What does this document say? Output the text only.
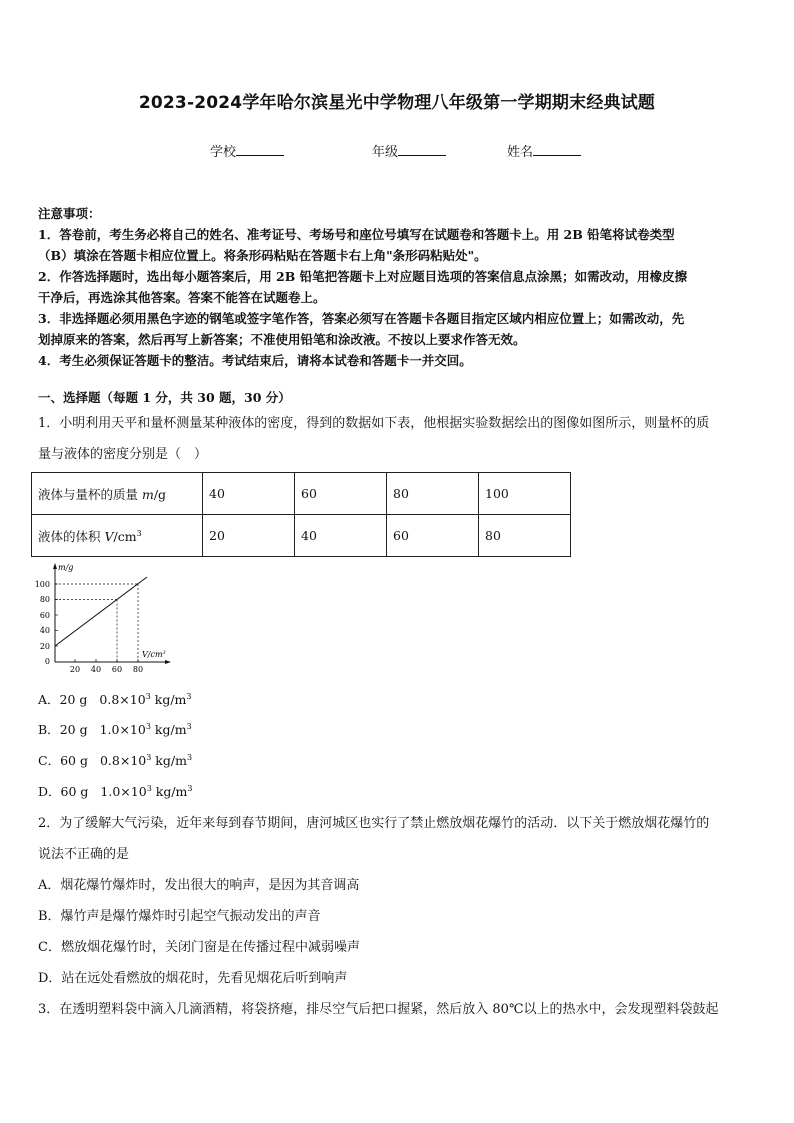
2023-2024学年哈尔滨星光中学物理八年级第一学期期末经典试题
学校	年级	姓名
注意事项：
1．答卷前，考生务必将自己的姓名、准考证号、考场号和座位号填写在试题卷和答题卡上。用 2B 铅笔将试卷类型
（B）填涂在答题卡相应位置上。将条形码粘贴在答题卡右上角"条形码粘贴处"。
2．作答选择题时，选出每小题答案后，用 2B 铅笔把答题卡上对应题目选项的答案信息点涂黑；如需改动，用橡皮擦
干净后，再选涂其他答案。答案不能答在试题卷上。
3．非选择题必须用黑色字迹的钢笔或签字笔作答，答案必须写在答题卡各题目指定区域内相应位置上；如需改动，先
划掉原来的答案，然后再写上新答案；不准使用铅笔和涂改液。不按以上要求作答无效。
4．考生必须保证答题卡的整洁。考试结束后，请将本试卷和答题卡一并交回。
一、选择题（每题 1 分，共 30 题，30 分）
1．小明利用天平和量杯测量某种液体的密度，得到的数据如下表，他根据实验数据绘出的图像如图所示，则量杯的质
量与液体的密度分别是（　）
液体与量杯的质量 m/g	40	60	80	100
液体的体积 $V/cm^3$	20	40	60	80
m/g
$V/cm^3$
100
80
60
40
20
0
20 40 60 80
A．20 g $0.8\times 10^3$ $kg/m^3$
B．20 g $1.0\times 10^3$ $kg/m^3$
C．60 g $0.8\times 10^3$ $kg/m^3$
D．60 g $1.0\times 10^3$ $kg/m^3$
2．为了缓解大气污染，近年来每到春节期间，唐河城区也实行了禁止燃放烟花爆竹的活动．以下关于燃放烟花爆竹的
说法不正确的是
A．烟花爆竹爆炸时，发出很大的响声，是因为其音调高
B．爆竹声是爆竹爆炸时引起空气振动发出的声音
C．燃放烟花爆竹时，关闭门窗是在传播过程中减弱噪声
D．站在远处看燃放的烟花时，先看见烟花后听到响声
3．在透明塑料袋中滴入几滴酒精，将袋挤瘪，排尽空气后把口握紧，然后放入 80℃以上的热水中，会发现塑料袋鼓起
